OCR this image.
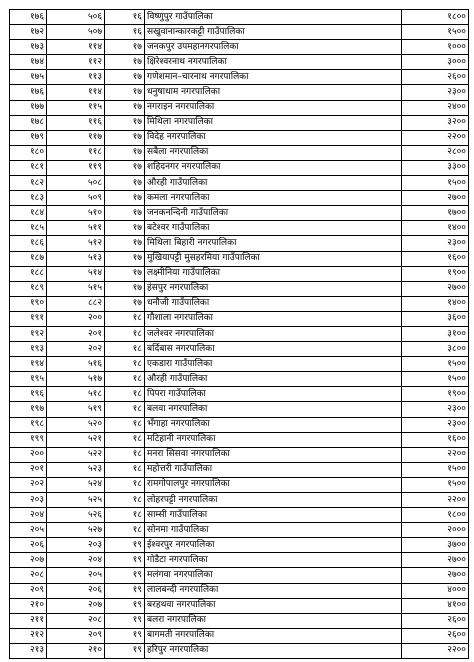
१७६	५०६	१६	विष्णुपुर गाउँपालिका	१८००
१७२	५०७	१६	सखुवानान्कारकट्टी गाउँपालिका	१५००
१७३	११४	१७	जनकपुर उपमहानगरपालिका	१०००
१७४	११२	१७	क्षिरेश्वरनाथ नगरपालिका	३०००
१७५	११३	१७	गणेशमान–चारनाथ नगरपालिका	२६००
१७६	११४	१७	धनुषाधाम नगरपालिका	२३००
१७७	११५	१७	नगराइन नगरपालिका	२४००
१७८	११६	१७	मिथिला नगरपालिका	३२००
१७९	११७	१७	विदेह नगरपालिका	२२००
१८०	११८	१७	सबैला नगरपालिका	२८००
१८१	११९	१७	शहिदनगर नगरपालिका	३३००
१८२	५०८	१७	औरही गाउँपालिका	१५००
१८३	५०९	१७	कमला नगरपालिका	२७००
१८४	५१०	१७	जनकनन्दिनी गाउँपालिका	१७००
१८५	५११	१७	बटेश्वर गाउँपालिका	१४००
१८६	५१२	१७	मिथिला बिहारी नगरपालिका	२३००
१८७	५१३	१७	मुखियापट्टी मुसहरमिया गाउँपालिका	१६००
१८८	५१४	१७	लक्ष्मीनिया गाउँपालिका	१९००
१८९	५१५	१७	हंसपुर नगरपालिका	२७००
१९०	८८२	१७	धनौजी गाउँपालिका	१४००
१९१	२००	१८	गौशाला नगरपालिका	३६००
१९२	२०१	१८	जलेश्वर नगरपालिका	३१००
१९३	२०२	१८	बर्दिबास नगरपालिका	३८००
१९४	५१६	१८	एकडारा गाउँपालिका	१५००
१९५	५१७	१८	औरही गाउँपालिका	१५००
१९६	५१८	१८	पिपरा गाउँपालिका	१९००
१९७	५१९	१८	बलवा नगरपालिका	२३००
१९८	५२०	१८	भँगाहा नगरपालिका	२३००
१९९	५२१	१८	मटिहानी नगरपालिका	१६००
२००	५२२	१८	मनरा सिसवा नगरपालिका	२२००
२०१	५२३	१८	महोत्तरी गाउँपालिका	१५००
२०२	५२४	१८	रामगोपालपुर नगरपालिका	१५००
२०३	५२५	१८	लोहरपट्टी नगरपालिका	२२००
२०४	५२६	१८	साम्सी गाउँपालिका	१८००
२०५	५२७	१८	सोनमा गाउँपालिका	२०००
२०६	२०३	१९	ईश्वरपुर नगरपालिका	३७००
२०७	२०४	१९	गोडैटा नगरपालिका	२७००
२०८	२०५	१९	मलंगवा नगरपालिका	२७००
२०९	२०६	१९	लालबन्दी नगरपालिका	४०००
२१०	२०७	१९	बरहथवा नगरपालिका	४१००
२११	२०८	१९	बलरा नगरपालिका	२६००
२१२	२०९	१९	बागमती नगरपालिका	२६००
२१३	२१०	१९	हरिपुर नगरपालिका	२२००
